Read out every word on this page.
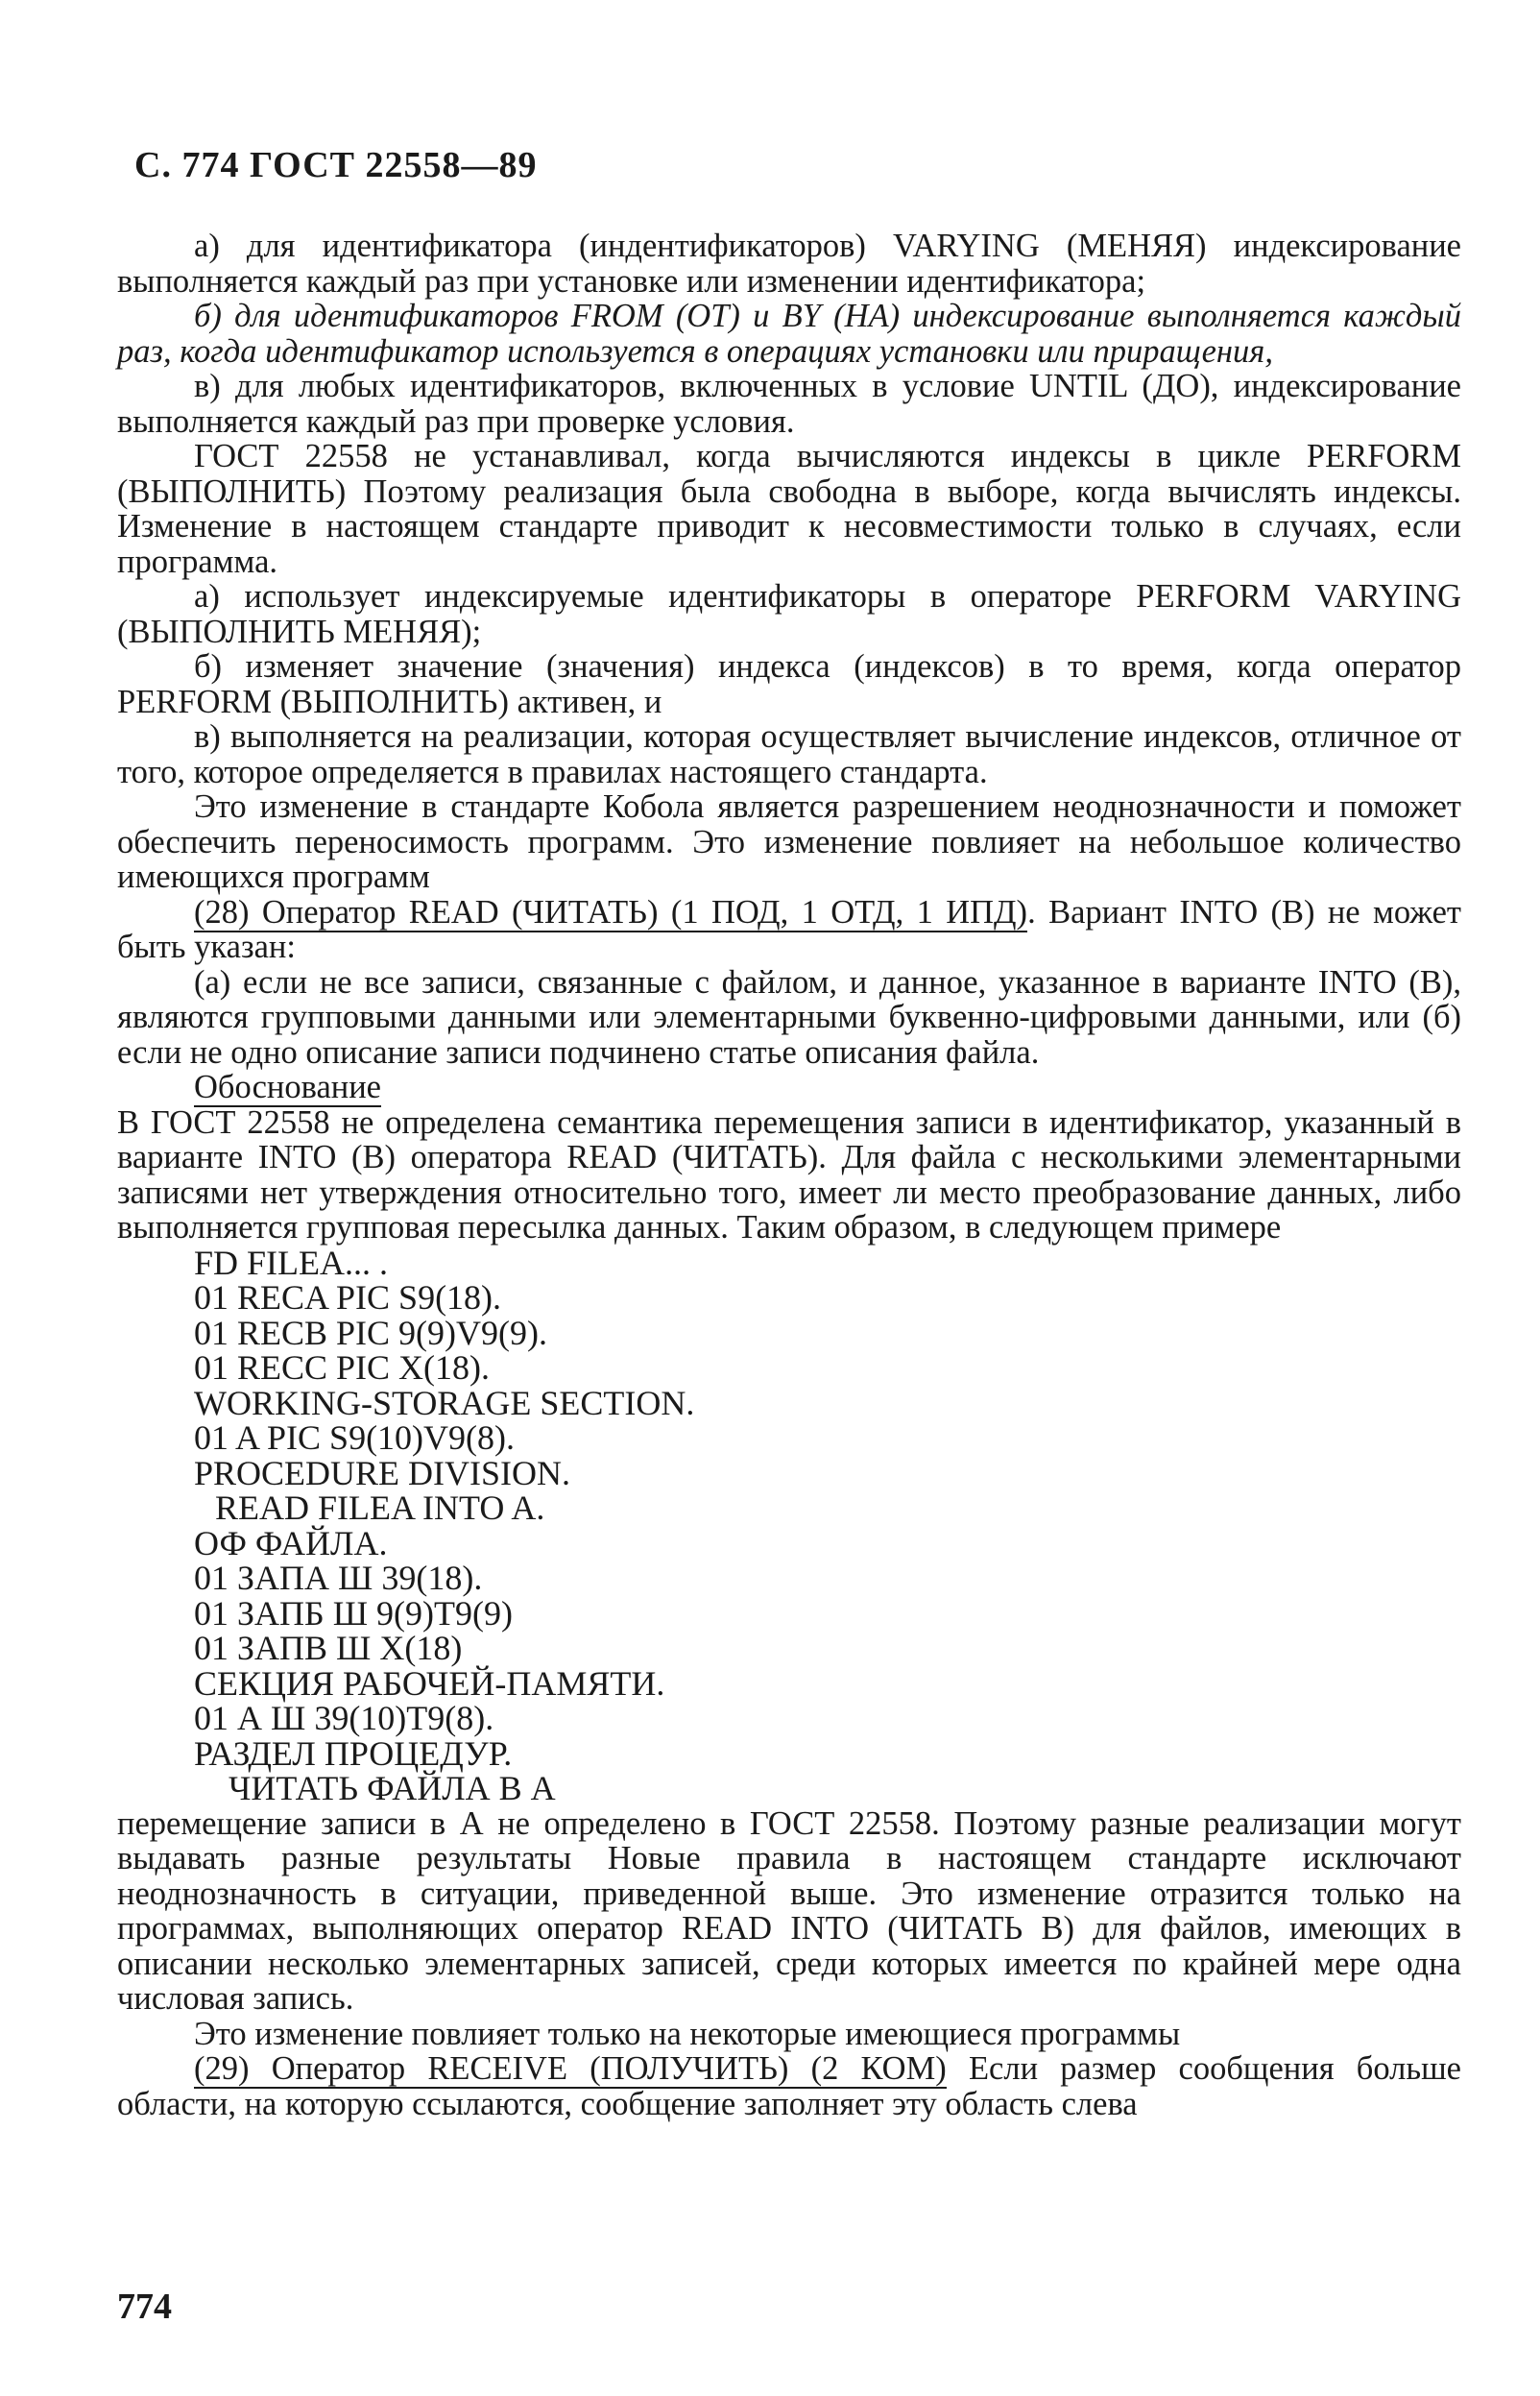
С. 774 ГОСТ 22558—89

а) для идентификатора (индентификаторов) VARYING (МЕНЯЯ) индексирование выполняется каждый раз при установке или изменении идентификатора;

б) для идентификаторов FROM (ОТ) и BY (НА) индексирование выполняется каждый раз, когда идентификатор используется в операциях установки или приращения,

в) для любых идентификаторов, включенных в условие UNTIL (ДО), индексирование выполняется каждый раз при проверке условия.

ГОСТ 22558 не устанавливал, когда вычисляются индексы в цикле PERFORM (ВЫПОЛНИТЬ) Поэтому реализация была свободна в выборе, когда вычислять индексы. Изменение в настоящем стандарте приводит к несовместимости только в случаях, если программа.

а) использует индексируемые идентификаторы в операторе PERFORM VARYING (ВЫПОЛНИТЬ МЕНЯЯ);

б) изменяет значение (значения) индекса (индексов) в то время, когда оператор PERFORM (ВЫПОЛНИТЬ) активен, и

в) выполняется на реализации, которая осуществляет вычисление индексов, отличное от того, которое определяется в правилах настоящего стандарта.

Это изменение в стандарте Кобола является разрешением неоднозначности и поможет обеспечить переносимость программ. Это изменение повлияет на небольшое количество имеющихся программ

(28) Оператор READ (ЧИТАТЬ) (1 ПОД, 1 ОТД, 1 ИПД). Вариант INTO (В) не может быть указан:

(а) если не все записи, связанные с файлом, и данное, указанное в варианте INTO (В), являются групповыми данными или элементарными буквенно-цифровыми данными, или (б) если не одно описание записи подчинено статье описания файла.

Обоснование

В ГОСТ 22558 не определена семантика перемещения записи в идентификатор, указанный в варианте INTO (В) оператора READ (ЧИТАТЬ). Для файла с несколькими элементарными записями нет утверждения относительно того, имеет ли место преобразование данных, либо выполняется групповая пересылка данных. Таким образом, в следующем примере

FD FILEA... .
01 RECA PIC S9(18).
01 RECB PIC 9(9)V9(9).
01 RECC PIC X(18).
WORKING-STORAGE SECTION.
01 A PIC S9(10)V9(8).
PROCEDURE DIVISION.
READ FILEA INTO A.
ОФ ФАЙЛА.
01 ЗАПА Ш 39(18).
01 ЗАПБ Ш 9(9)Т9(9)
01 ЗАПВ Ш Х(18)
СЕКЦИЯ РАБОЧЕЙ-ПАМЯТИ.
01 А Ш 39(10)Т9(8).
РАЗДЕЛ ПРОЦЕДУР.
ЧИТАТЬ ФАЙЛА В А

перемещение записи в А не определено в ГОСТ 22558. Поэтому разные реализации могут выдавать разные результаты Новые правила в настоящем стандарте исключают неоднозначность в ситуации, приведенной выше. Это изменение отразится только на программах, выполняющих оператор READ INTO (ЧИТАТЬ В) для файлов, имеющих в описании несколько элементарных записей, среди которых имеется по крайней мере одна числовая запись.

Это изменение повлияет только на некоторые имеющиеся программы

(29) Оператор RECEIVE (ПОЛУЧИТЬ) (2 КОМ) Если размер сообщения больше области, на которую ссылаются, сообщение заполняет эту область слева

774
